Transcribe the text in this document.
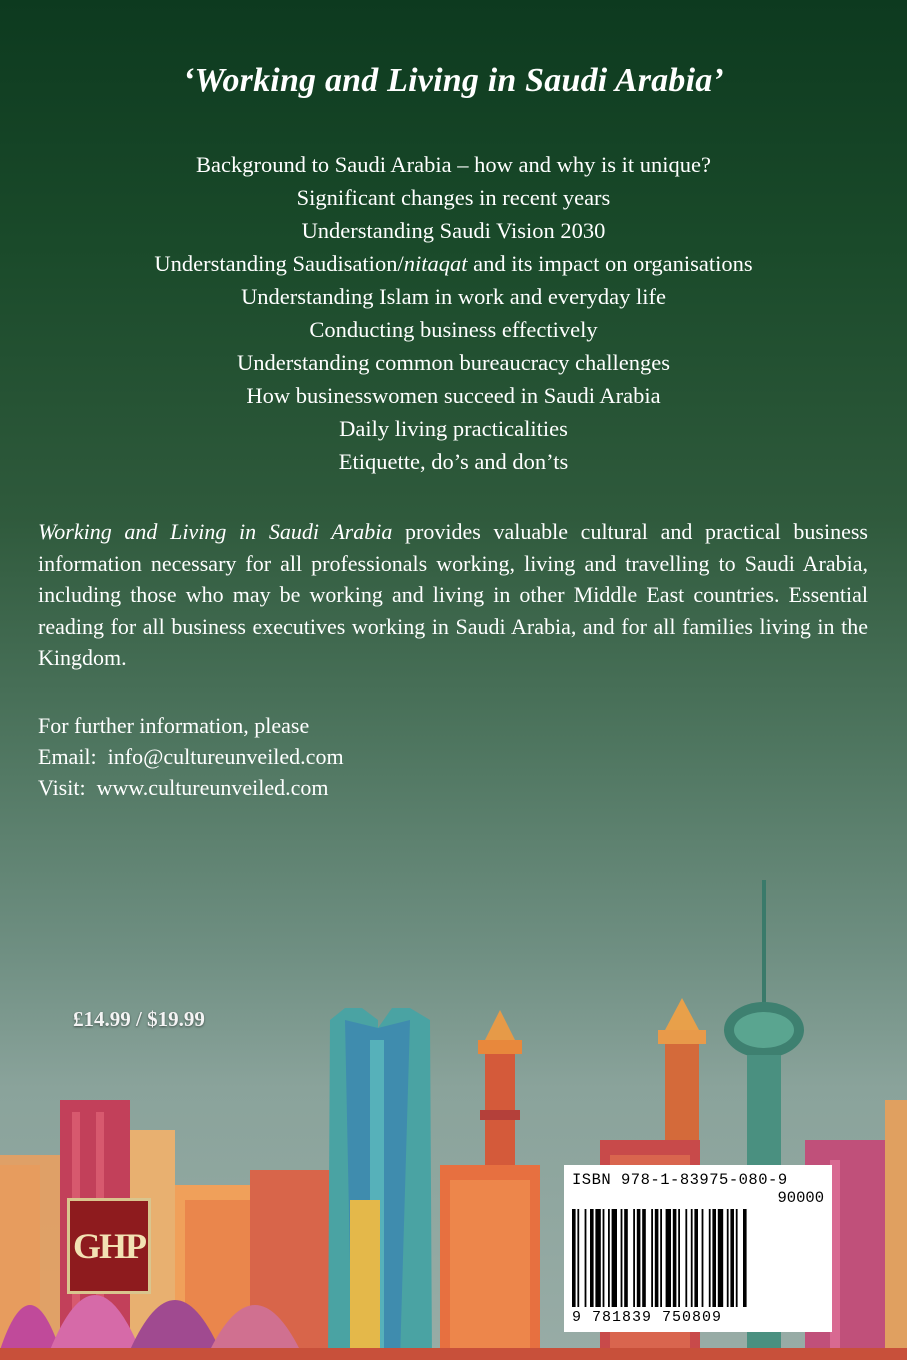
‘Working and Living in Saudi Arabia’
Background to Saudi Arabia – how and why is it unique?
Significant changes in recent years
Understanding Saudi Vision 2030
Understanding Saudisation/nitaqat and its impact on organisations
Understanding Islam in work and everyday life
Conducting business effectively
Understanding common bureaucracy challenges
How businesswomen succeed in Saudi Arabia
Daily living practicalities
Etiquette, do’s and don’ts

Working and Living in Saudi Arabia provides valuable cultural and practical business information necessary for all professionals working, living and travelling to Saudi Arabia, including those who may be working and living in other Middle East countries. Essential reading for all business executives working in Saudi Arabia, and for all families living in the Kingdom.

For further information, please
Email:  info@cultureunveiled.com
Visit:  www.cultureunveiled.com
£14.99 / $19.99
GHP
ISBN 978-1-83975-080-9
90000
9 781839 750809
